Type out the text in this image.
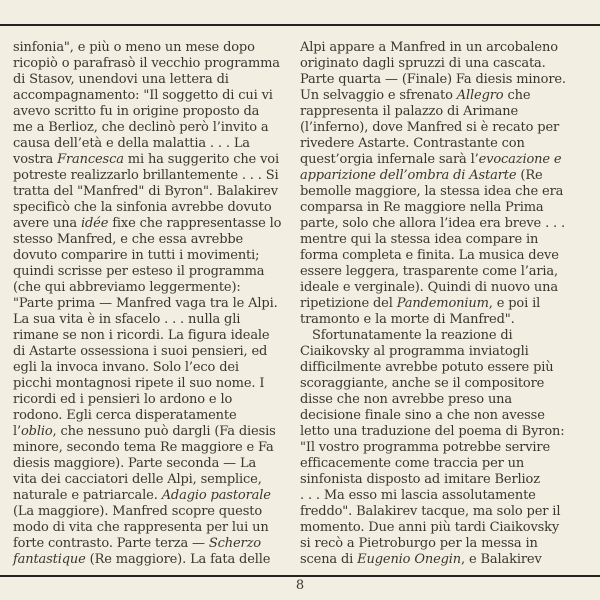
sinfonia", e più o meno un mese dopo
ricopiò o parafrasò il vecchio programma
di Stasov, unendovi una lettera di
accompagnamento: "Il soggetto di cui vi
avevo scritto fu in origine proposto da
me a Berlioz, che declinò però l’invito a
causa dell’età e della malattia . . . La
vostra Francesca mi ha suggerito che voi
potreste realizzarlo brillantemente . . . Si
tratta del "Manfred" di Byron". Balakirev
specificò che la sinfonia avrebbe dovuto
avere una idée fixe che rappresentasse lo
stesso Manfred, e che essa avrebbe
dovuto comparire in tutti i movimenti;
quindi scrisse per esteso il programma
(che qui abbreviamo leggermente):
"Parte prima — Manfred vaga tra le Alpi.
La sua vita è in sfacelo . . . nulla gli
rimane se non i ricordi. La figura ideale
di Astarte ossessiona i suoi pensieri, ed
egli la invoca invano. Solo l’eco dei
picchi montagnosi ripete il suo nome. I
ricordi ed i pensieri lo ardono e lo
rodono. Egli cerca disperatamente
l’oblio, che nessuno può dargli (Fa diesis
minore, secondo tema Re maggiore e Fa
diesis maggiore). Parte seconda — La
vita dei cacciatori delle Alpi, semplice,
naturale e patriarcale. Adagio pastorale
(La maggiore). Manfred scopre questo
modo di vita che rappresenta per lui un
forte contrasto. Parte terza — Scherzo
fantastique (Re maggiore). La fata delle
Alpi appare a Manfred in un arcobaleno
originato dagli spruzzi di una cascata.
Parte quarta — (Finale) Fa diesis minore.
Un selvaggio e sfrenato Allegro che
rappresenta il palazzo di Arimane
(l’inferno), dove Manfred si è recato per
rivedere Astarte. Contrastante con
quest’orgia infernale sarà l’evocazione e
apparizione dell’ombra di Astarte (Re
bemolle maggiore, la stessa idea che era
comparsa in Re maggiore nella Prima
parte, solo che allora l’idea era breve . . .
mentre qui la stessa idea compare in
forma completa e finita. La musica deve
essere leggera, trasparente come l’aria,
ideale e verginale). Quindi di nuovo una
ripetizione del Pandemonium, e poi il
tramonto e la morte di Manfred".
Sfortunatamente la reazione di
Ciaikovsky al programma inviatogli
difficilmente avrebbe potuto essere più
scoraggiante, anche se il compositore
disse che non avrebbe preso una
decisione finale sino a che non avesse
letto una traduzione del poema di Byron:
"Il vostro programma potrebbe servire
efficacemente come traccia per un
sinfonista disposto ad imitare Berlioz
. . . Ma esso mi lascia assolutamente
freddo". Balakirev tacque, ma solo per il
momento. Due anni più tardi Ciaikovsky
si recò a Pietroburgo per la messa in
scena di Eugenio Onegin, e Balakirev
8
